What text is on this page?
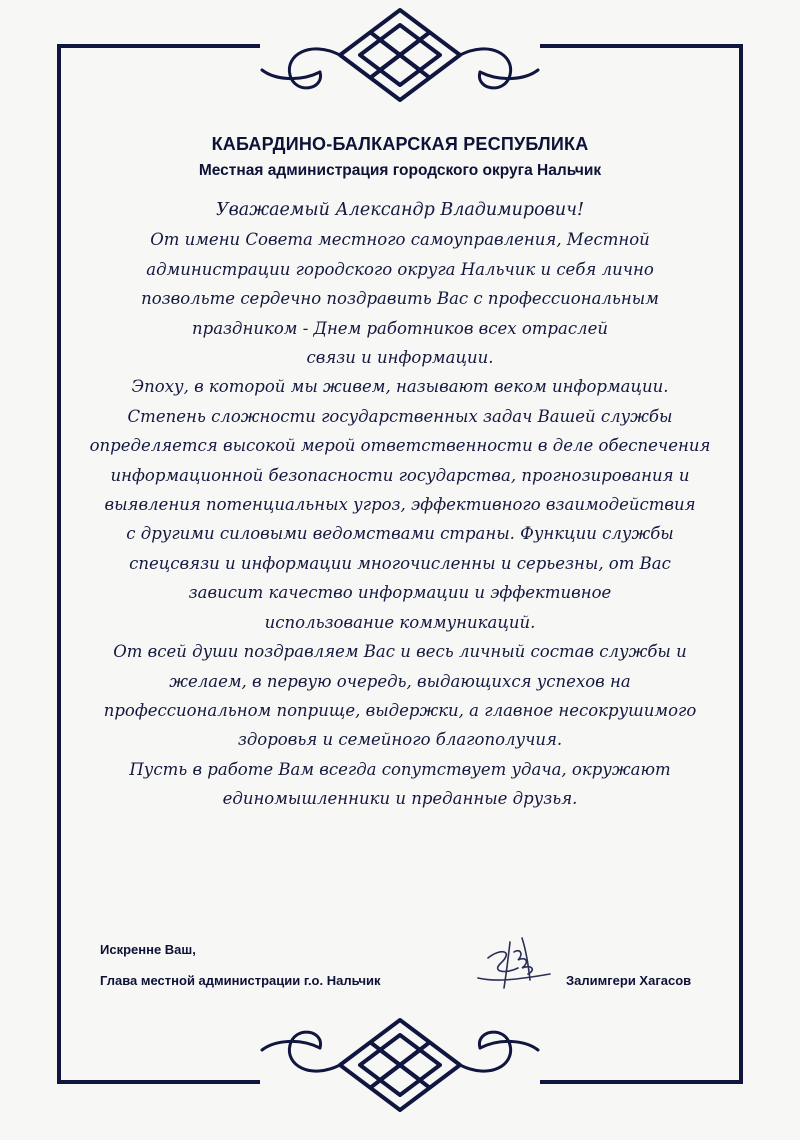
КАБАРДИНО-БАЛКАРСКАЯ РЕСПУБЛИКА
Местная администрация городского округа Нальчик
Уважаемый Александр Владимирович!
От имени Совета местного самоуправления, Местной
администрации городского округа Нальчик и себя лично
позвольте сердечно поздравить Вас с профессиональным
праздником - Днем работников всех отраслей
связи и информации.
Эпоху, в которой мы живем, называют веком информации.
Степень сложности государственных задач Вашей службы
определяется высокой мерой ответственности в деле обеспечения
информационной безопасности государства, прогнозирования и
выявления потенциальных угроз, эффективного взаимодействия
с другими силовыми ведомствами страны. Функции службы
спецсвязи и информации многочисленны и серьезны, от Вас
зависит качество информации и эффективное
использование коммуникаций.
От всей души поздравляем Вас и весь личный состав службы и
желаем, в первую очередь, выдающихся успехов на
профессиональном поприще, выдержки, а главное несокрушимого
здоровья и семейного благополучия.
Пусть в работе Вам всегда сопутствует удача, окружают
единомышленники и преданные друзья.
Искренне Ваш,
Глава местной администрации г.о. Нальчик	Залимгери Хагасов
